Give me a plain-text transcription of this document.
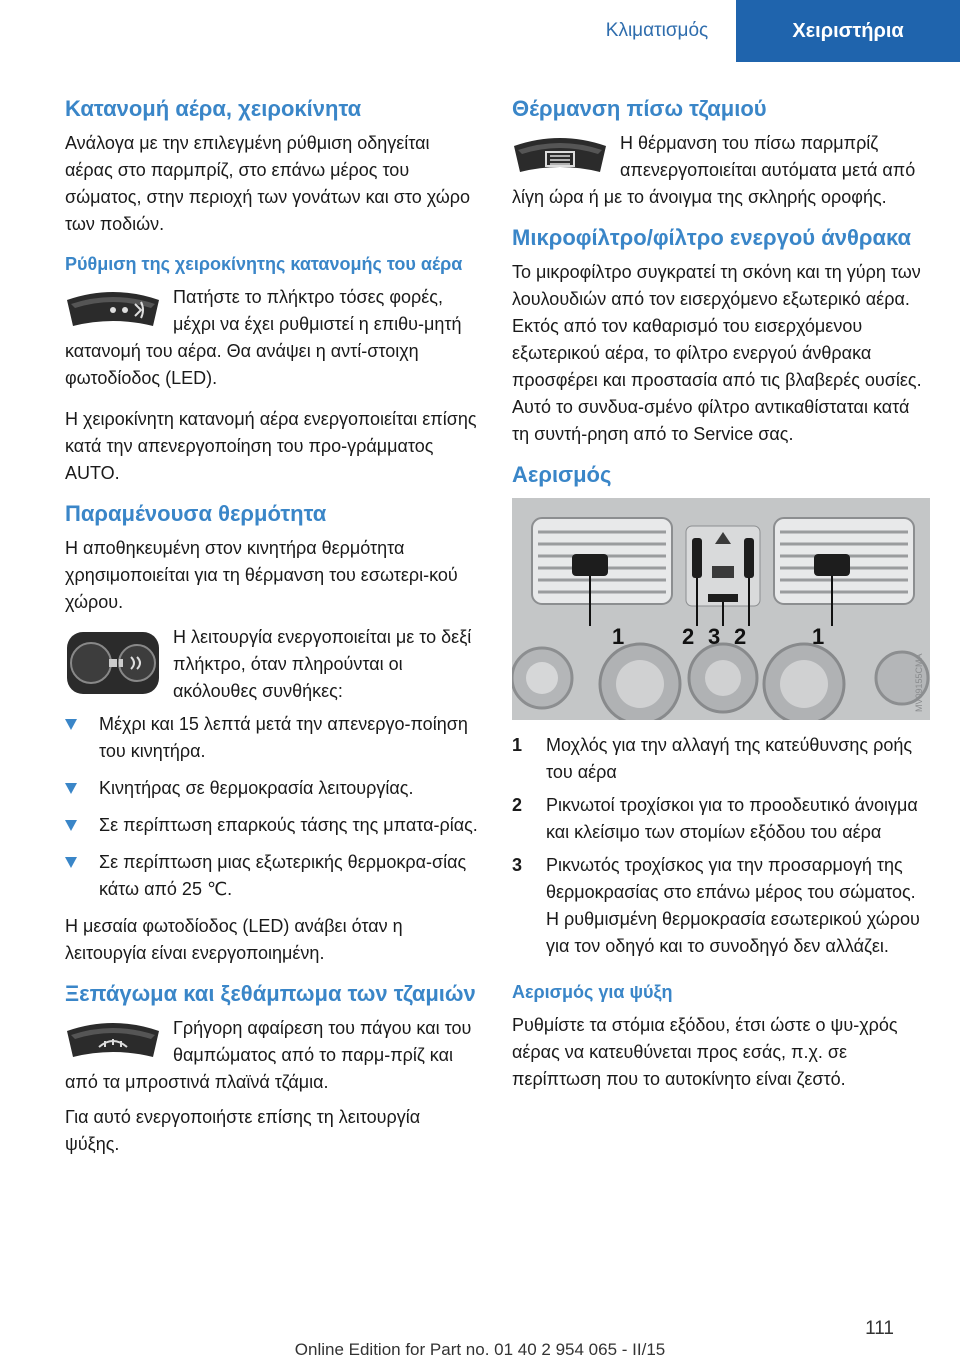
Κλιματισμός	Χειριστήρια
Κατανομή αέρα, χειροκίνητα

Ανάλογα με την επιλεγμένη ρύθμιση οδηγείται αέρας στο παρμπρίζ, στο επάνω μέρος του σώματος, στην περιοχή των γονάτων και στο χώρο των ποδιών.

Ρύθμιση της χειροκίνητης κατανομής του αέρα

Πατήστε το πλήκτρο τόσες φορές, μέχρι να έχει ρυθμιστεί η επιθυ-μητή κατανομή του αέρα. Θα ανάψει η αντί-στοιχη φωτοδίοδος (LED).

Η χειροκίνητη κατανομή αέρα ενεργοποιείται επίσης κατά την απενεργοποίηση του προ-γράμματος AUTO.

Παραμένουσα θερμότητα

Η αποθηκευμένη στον κινητήρα θερμότητα χρησιμοποιείται για τη θέρμανση του εσωτερι-κού χώρου.

Η λειτουργία ενεργοποιείται με το δεξί πλήκτρο, όταν πληρούνται οι ακόλουθες συνθήκες:

Μέχρι και 15 λεπτά μετά την απενεργο-ποίηση του κινητήρα.
Κινητήρας σε θερμοκρασία λειτουργίας.
Σε περίπτωση επαρκούς τάσης της μπατα-ρίας.
Σε περίπτωση μιας εξωτερικής θερμοκρα-σίας κάτω από 25 ℃.

Η μεσαία φωτοδίοδος (LED) ανάβει όταν η λειτουργία είναι ενεργοποιημένη.

Ξεπάγωμα και ξεθάμπωμα των τζαμιών

Γρήγορη αφαίρεση του πάγου και του θαμπώματος από το παρμ-πρίζ και από τα μπροστινά πλαϊνά τζάμια.

Για αυτό ενεργοποιήστε επίσης τη λειτουργία ψύξης.

Θέρμανση πίσω τζαμιού

Η θέρμανση του πίσω παρμπρίζ απενεργοποιείται αυτόματα μετά από λίγη ώρα ή με το άνοιγμα της σκληρής οροφής.

Μικροφίλτρο/φίλτρο ενεργού άνθρακα

Το μικροφίλτρο συγκρατεί τη σκόνη και τη γύρη των λουλουδιών από τον εισερχόμενο εξωτερικό αέρα. Εκτός από τον καθαρισμό του εισερχόμενου εξωτερικού αέρα, το φίλτρο ενεργού άνθρακα προσφέρει και προστασία από τις βλαβερές ουσίες. Αυτό το συνδυα-σμένο φίλτρο αντικαθίσταται κατά τη συντή-ρηση από το Service σας.

Αερισμός
1	2 3 2	1
MV09155CMA
1 Μοχλός για την αλλαγή της κατεύθυνσης ροής του αέρα
2 Ρικνωτοί τροχίσκοι για το προοδευτικό άνοιγμα και κλείσιμο των στομίων εξόδου του αέρα
3 Ρικνωτός τροχίσκος για την προσαρμογή της θερμοκρασίας στο επάνω μέρος του σώματος. Η ρυθμισμένη θερμοκρασία εσωτερικού χώρου για τον οδηγό και το συνοδηγό δεν αλλάζει.
Αερισμός για ψύξη

Ρυθμίστε τα στόμια εξόδου, έτσι ώστε ο ψυ-χρός αέρας να κατευθύνεται προς εσάς, π.χ. σε περίπτωση που το αυτοκίνητο είναι ζεστό.

111
Online Edition for Part no. 01 40 2 954 065 - II/15
